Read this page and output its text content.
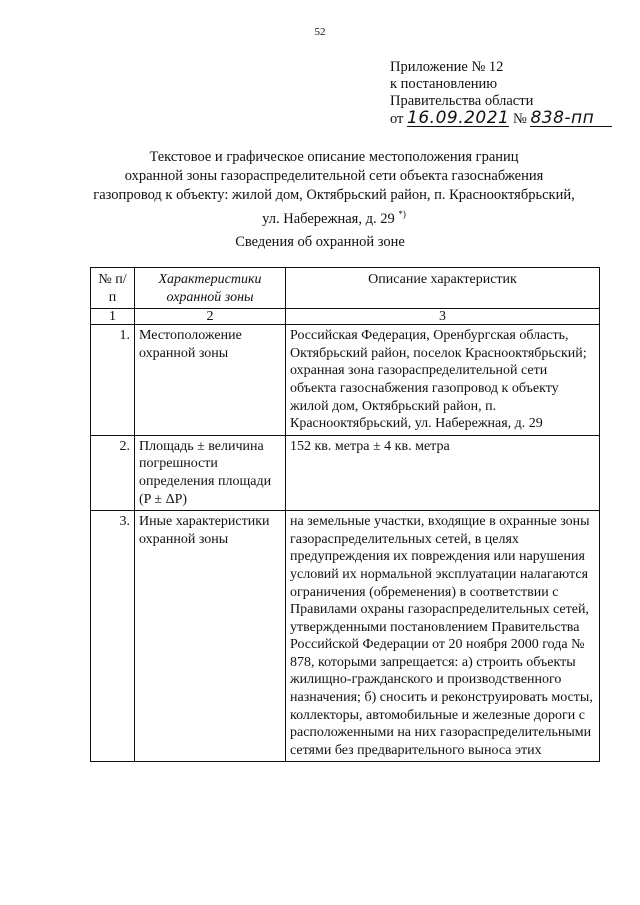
52
Приложение № 12
к постановлению
Правительства области
от 16.09.2021 № 838-пп
Текстовое и графическое описание местоположения границ
охранной зоны газораспределительной сети объекта газоснабжения
газопровод к объекту: жилой дом, Октябрьский район, п. Краснооктябрьский,
ул. Набережная, д. 29 *)
Сведения об охранной зоне
№ п/п	Характеристики охранной зоны	Описание характеристик
1	2	3
1.	Местоположение охранной зоны	Российская Федерация, Оренбургская область, Октябрьский район, поселок Краснооктябрьский; охранная зона газораспределительной сети объекта газоснабжения газопровод к объекту жилой дом, Октябрьский район, п. Краснооктябрьский, ул. Набережная, д. 29
2.	Площадь ± величина погрешности определения площади (P ± ΔP)	152 кв. метра ± 4 кв. метра
3.	Иные характеристики охранной зоны	на земельные участки, входящие в охранные зоны газораспределительных сетей, в целях предупреждения их повреждения или нарушения условий их нормальной эксплуатации налагаются ограничения (обременения) в соответствии с Правилами охраны газораспределительных сетей, утвержденными постановлением Правительства Российской Федерации от 20 ноября 2000 года № 878, которыми запрещается: а) строить объекты жилищно-гражданского и производственного назначения; б) сносить и реконструировать мосты, коллекторы, автомобильные и железные дороги с расположенными на них газораспределительными сетями без предварительного выноса этих
